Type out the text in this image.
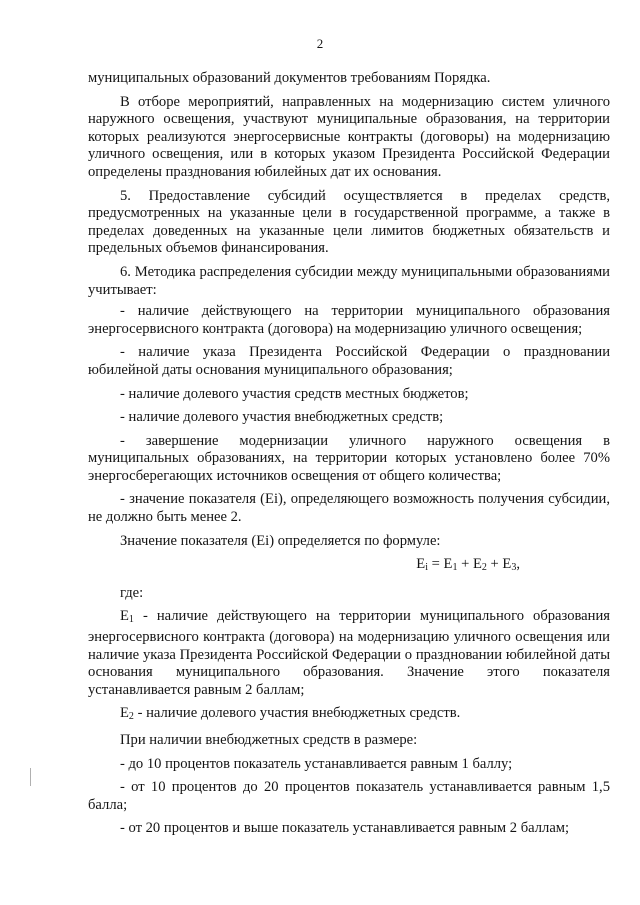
2

муниципальных образований документов требованиям Порядка.

В отборе мероприятий, направленных на модернизацию систем уличного наружного освещения, участвуют муниципальные образования, на территории которых реализуются энергосервисные контракты (договоры) на модернизацию уличного освещения, или в которых указом Президента Российской Федерации определены празднования юбилейных дат их основания.

5. Предоставление субсидий осуществляется в пределах средств, предусмотренных на указанные цели в государственной программе, а также в пределах доведенных на указанные цели лимитов бюджетных обязательств и предельных объемов финансирования.

6. Методика распределения субсидии между муниципальными образованиями учитывает:

- наличие действующего на территории муниципального образования энергосервисного контракта (договора) на модернизацию уличного освещения;

- наличие указа Президента Российской Федерации о праздновании юбилейной даты основания муниципального образования;

- наличие долевого участия средств местных бюджетов;

- наличие долевого участия внебюджетных средств;

- завершение модернизации уличного наружного освещения в муниципальных образованиях, на территории которых установлено более 70% энергосберегающих источников освещения от общего количества;

- значение показателя (Ei), определяющего возможность получения субсидии, не должно быть менее 2.

Значение показателя (Ei) определяется по формуле:

Ei = E1 + E2 + E3,

где:

E1 - наличие действующего на территории муниципального образования энергосервисного контракта (договора) на модернизацию уличного освещения или наличие указа Президента Российской Федерации о праздновании юбилейной даты основания муниципального образования. Значение этого показателя устанавливается равным 2 баллам;

E2 - наличие долевого участия внебюджетных средств.

При наличии внебюджетных средств в размере:

- до 10 процентов показатель устанавливается равным 1 баллу;

- от 10 процентов до 20 процентов показатель устанавливается равным 1,5 балла;

- от 20 процентов и выше показатель устанавливается равным 2 баллам;
